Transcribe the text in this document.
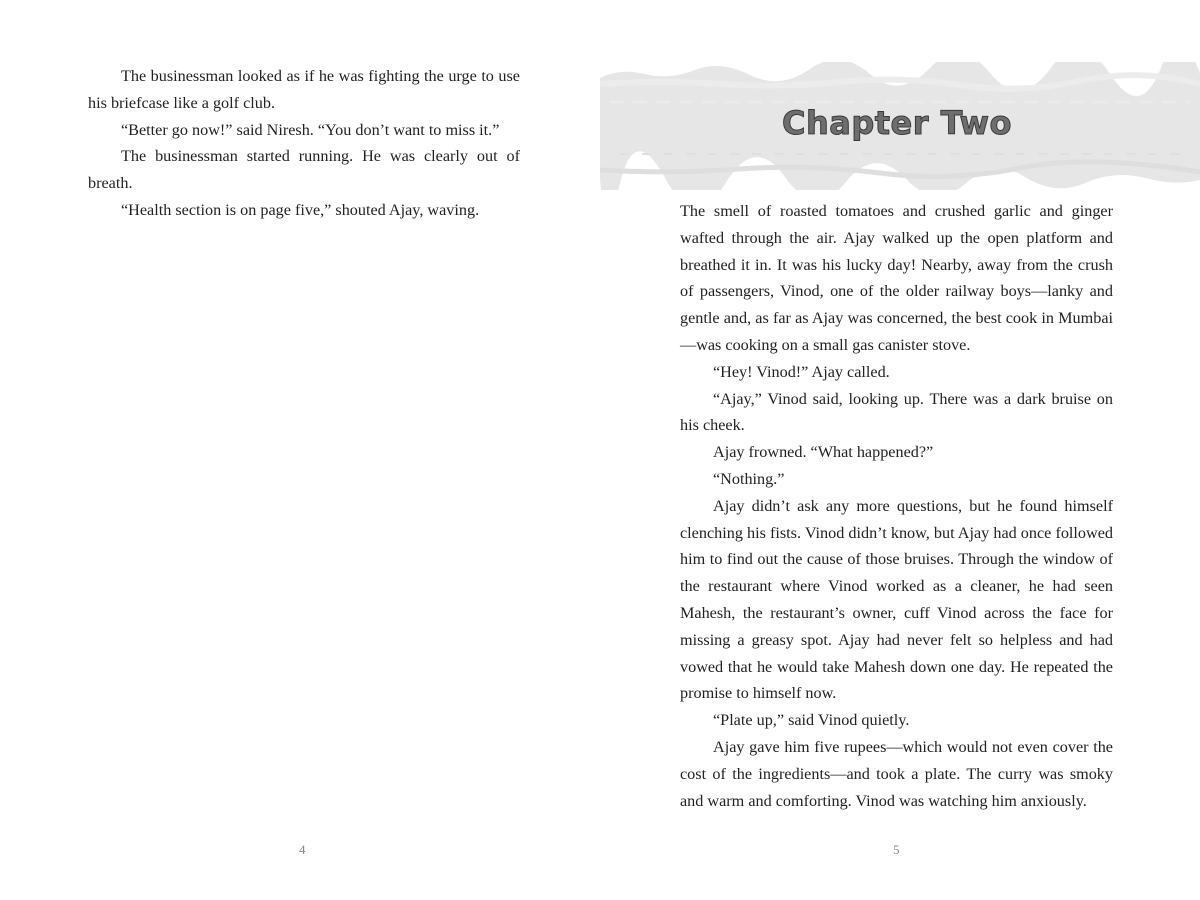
The businessman looked as if he was fighting the urge to use his briefcase like a golf club.

“Better go now!” said Niresh. “You don’t want to miss it.”

The businessman started running. He was clearly out of breath.

“Health section is on page five,” shouted Ajay, waving.

4
Chapter Two

The smell of roasted tomatoes and crushed garlic and ginger wafted through the air. Ajay walked up the open platform and breathed it in. It was his lucky day! Nearby, away from the crush of passengers, Vinod, one of the older railway boys—lanky and gentle and, as far as Ajay was concerned, the best cook in Mumbai—was cooking on a small gas canister stove.

“Hey! Vinod!” Ajay called.

“Ajay,” Vinod said, looking up. There was a dark bruise on his cheek.

Ajay frowned. “What happened?”

“Nothing.”

Ajay didn’t ask any more questions, but he found himself clenching his fists. Vinod didn’t know, but Ajay had once followed him to find out the cause of those bruises. Through the window of the restaurant where Vinod worked as a cleaner, he had seen Mahesh, the restaurant’s owner, cuff Vinod across the face for missing a greasy spot. Ajay had never felt so helpless and had vowed that he would take Mahesh down one day. He repeated the promise to himself now.

“Plate up,” said Vinod quietly.

Ajay gave him five rupees—which would not even cover the cost of the ingredients—and took a plate. The curry was smoky and warm and comforting. Vinod was watching him anxiously.

5
